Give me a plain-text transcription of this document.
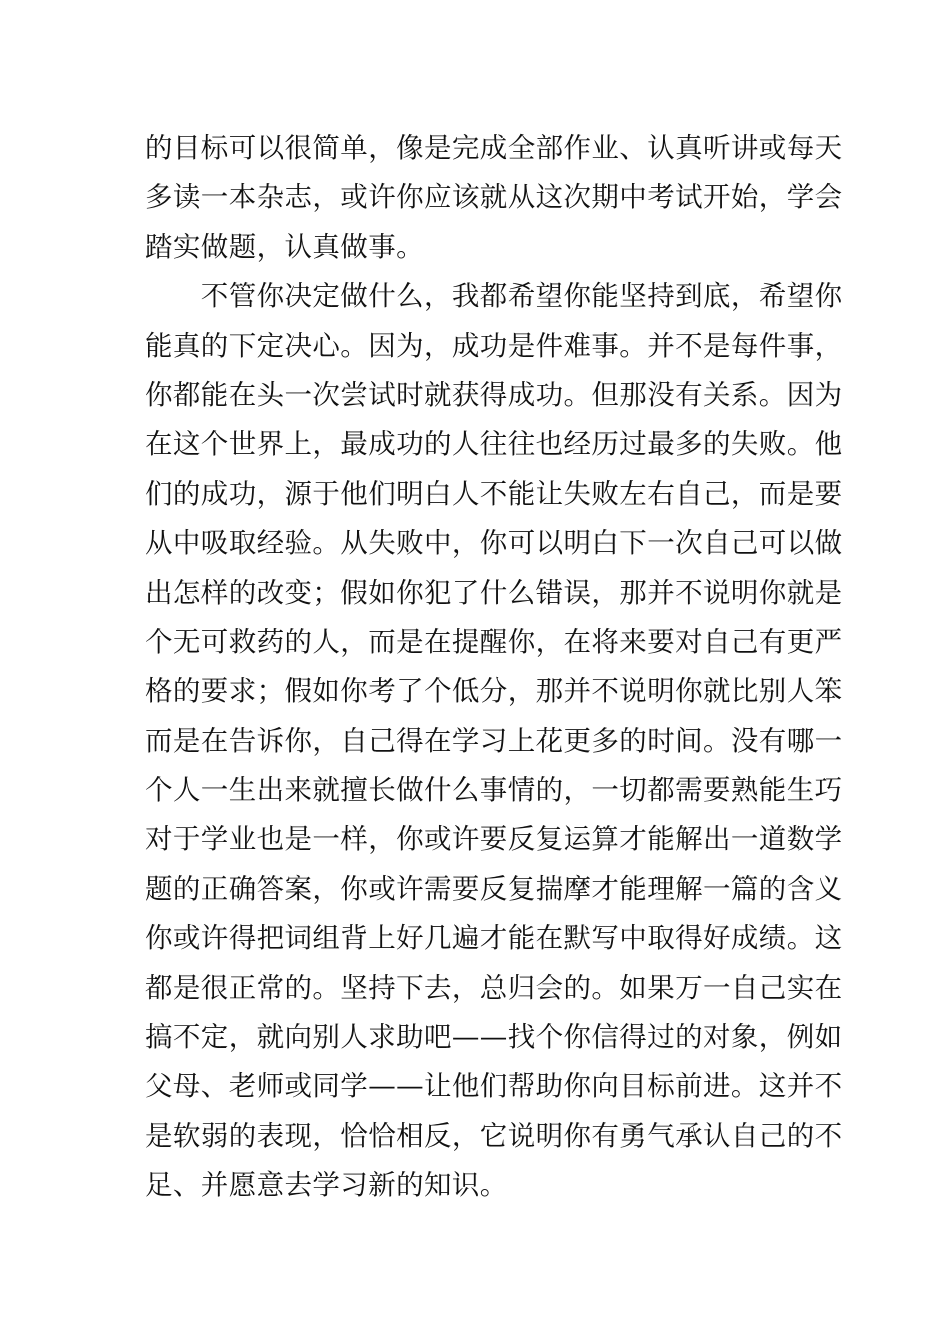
的目标可以很简单，像是完成全部作业、认真听讲或每天
多读一本杂志，或许你应该就从这次期中考试开始，学会
踏实做题，认真做事。
　　不管你决定做什么，我都希望你能坚持到底，希望你
能真的下定决心。因为，成功是件难事。并不是每件事，
你都能在头一次尝试时就获得成功。但那没有关系。因为
在这个世界上，最成功的人往往也经历过最多的失败。他
们的成功，源于他们明白人不能让失败左右自己，而是要
从中吸取经验。从失败中，你可以明白下一次自己可以做
出怎样的改变；假如你犯了什么错误，那并不说明你就是
个无可救药的人，而是在提醒你，在将来要对自己有更严
格的要求；假如你考了个低分，那并不说明你就比别人笨
而是在告诉你，自己得在学习上花更多的时间。没有哪一
个人一生出来就擅长做什么事情的，一切都需要熟能生巧
对于学业也是一样，你或许要反复运算才能解出一道数学
题的正确答案，你或许需要反复揣摩才能理解一篇的含义
你或许得把词组背上好几遍才能在默写中取得好成绩。这
都是很正常的。坚持下去，总归会的。如果万一自己实在
搞不定，就向别人求助吧——找个你信得过的对象，例如
父母、老师或同学——让他们帮助你向目标前进。这并不
是软弱的表现，恰恰相反，它说明你有勇气承认自己的不
足、并愿意去学习新的知识。
